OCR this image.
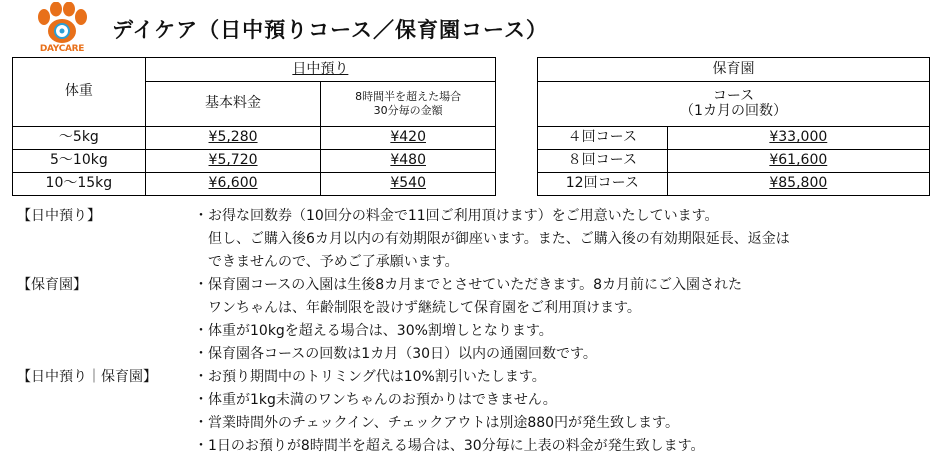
DAYCARE
デイケア（日中預りコース／保育園コース）
体重	日中預り	
	基本料金	8時間半を超えた場合
30分毎の金額

～5kg	¥5,280	¥420
5～10kg	¥5,720	¥480
10～15kg	¥6,600	¥540
保育園	

コース
（1カ月の回数）	

４回コース	¥33,000
８回コース	¥61,600
12回コース	¥85,800
【日中預り】	・お得な回数券（10回分の料金で11回ご利用頂けます）をご用意いたしています。
但し、ご購入後6カ月以内の有効期限が御座います。また、ご購入後の有効期限延長、返金は
できませんので、予めご了承願います。
【保育園】	・保育園コースの入園は生後8カ月までとさせていただきます。8カ月前にご入園された
ワンちゃんは、年齢制限を設けず継続して保育園をご利用頂けます。
・体重が10kgを超える場合は、30%割増しとなります。
・保育園各コースの回数は1カ月（30日）以内の通園回数です。
【日中預り｜保育園】	・お預り期間中のトリミング代は10%割引いたします。
・体重が1kg未満のワンちゃんのお預かりはできません。
・営業時間外のチェックイン、チェックアウトは別途880円が発生致します。
・1日のお預りが8時間半を超える場合は、30分毎に上表の料金が発生致します。
